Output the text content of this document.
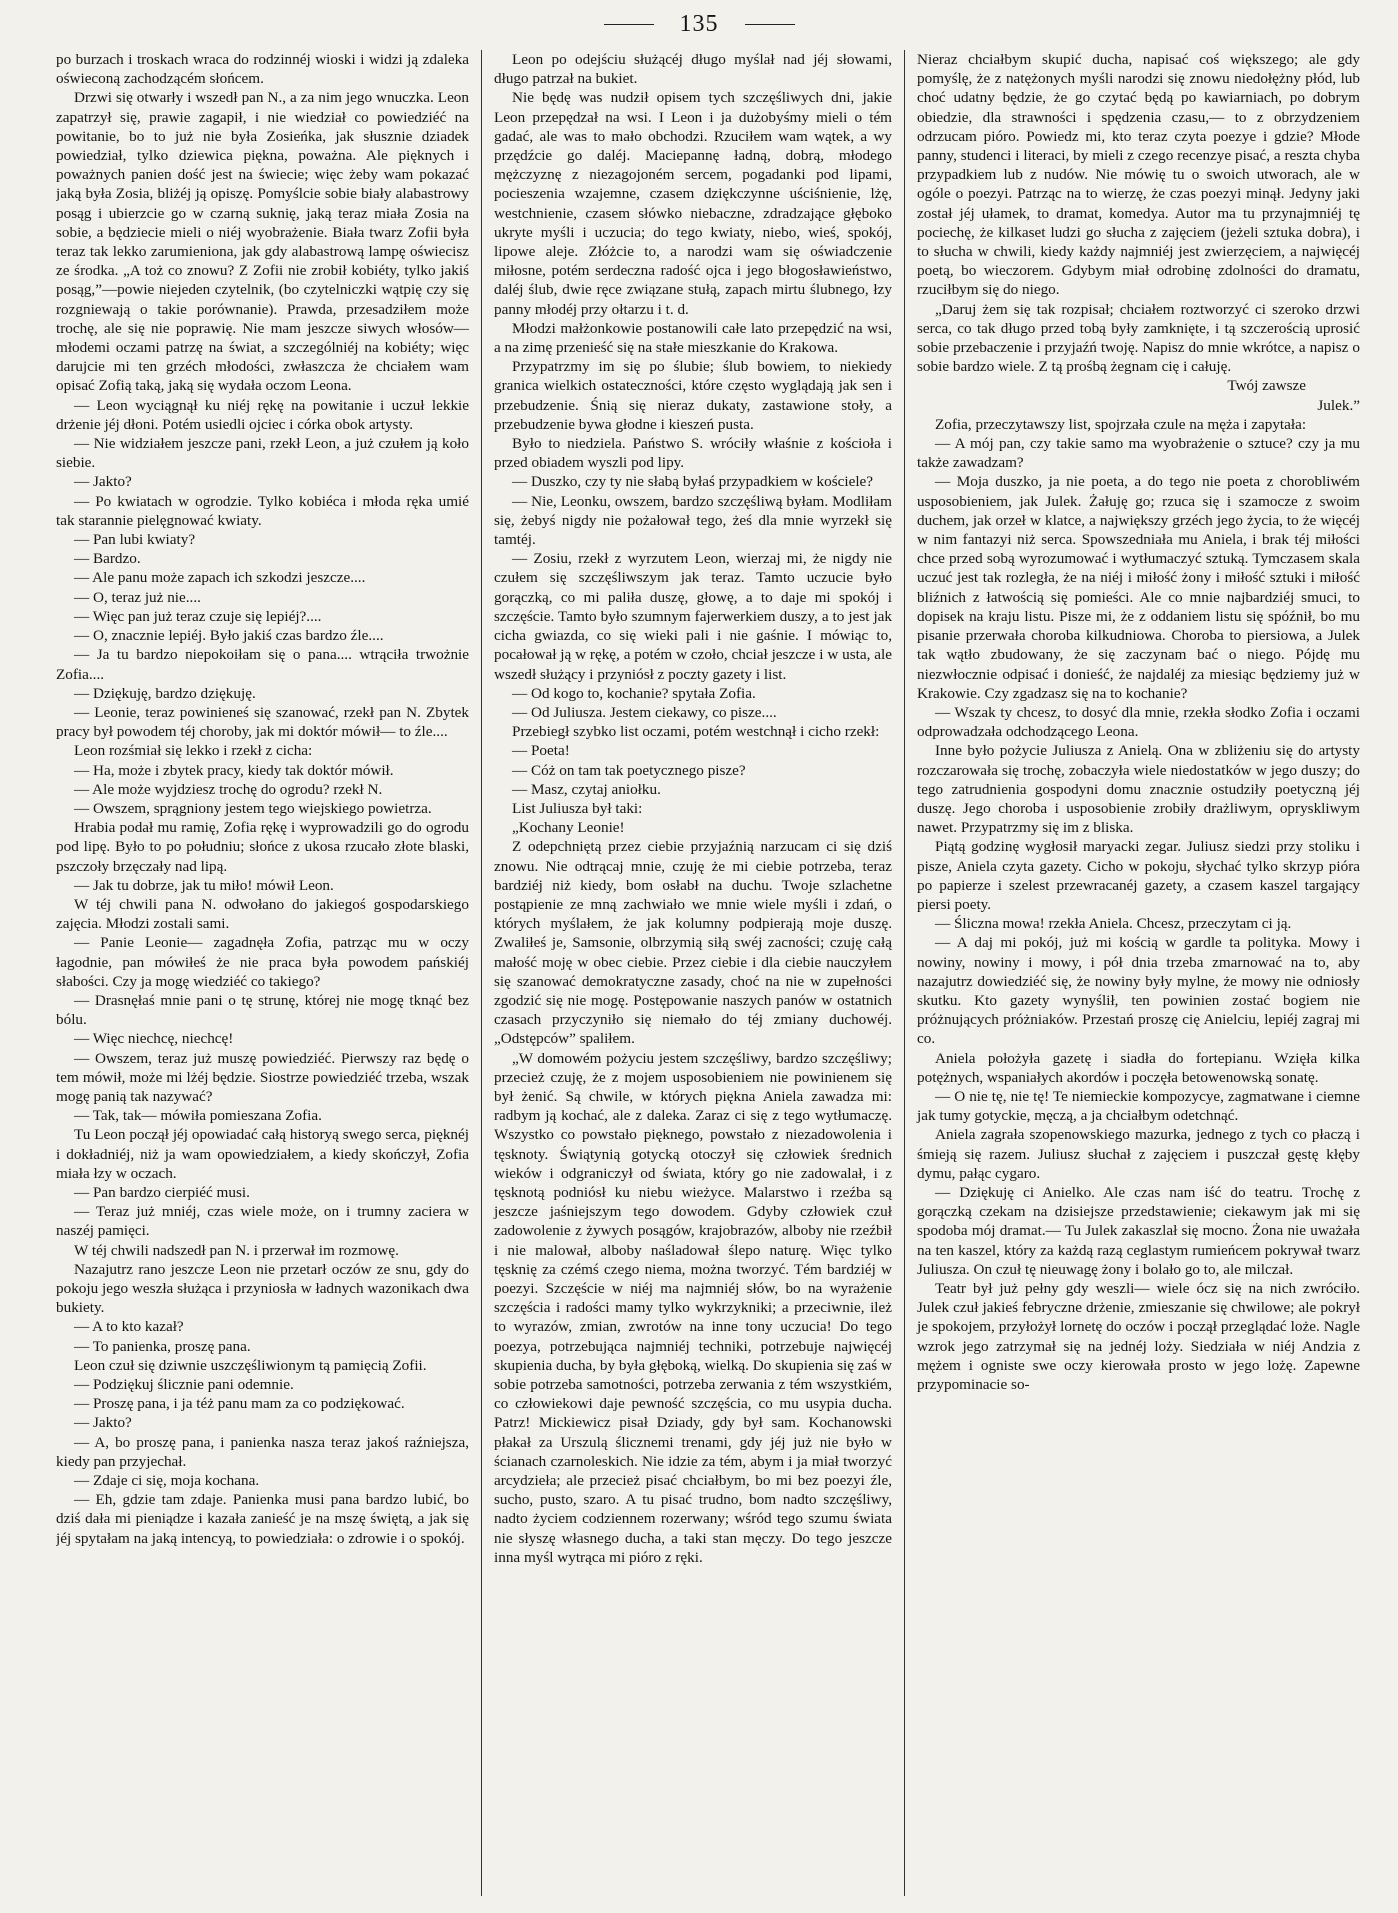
135

po burzach i troskach wraca do rodzinnéj wioski i widzi ją zdaleka oświeconą zachodzącém słońcem.

Drzwi się otwarły i wszedł pan N., a za nim jego wnuczka. Leon zapatrzył się, prawie zagapił, i nie wiedział co powiedziéć na powitanie, bo to już nie była Zosieńka, jak słusznie dziadek powiedział, tylko dziewica piękna, poważna. Ale pięknych i poważnych panien dość jest na świecie; więc żeby wam pokazać jaką była Zosia, bliżéj ją opiszę. Pomyślcie sobie biały alabastrowy posąg i ubierzcie go w czarną suknię, jaką teraz miała Zosia na sobie, a będziecie mieli o niéj wyobrażenie. Biała twarz Zofii była teraz tak lekko zarumieniona, jak gdy alabastrową lampę oświecisz ze środka. „A toż co znowu? Z Zofii nie zrobił kobiéty, tylko jakiś posąg,”—powie niejeden czytelnik, (bo czytelniczki wątpię czy się rozgniewają o takie porównanie). Prawda, przesadziłem może trochę, ale się nie poprawię. Nie mam jeszcze siwych włosów— młodemi oczami patrzę na świat, a szczególniéj na kobiéty; więc darujcie mi ten grzéch młodości, zwłaszcza że chciałem wam opisać Zofią taką, jaką się wydała oczom Leona.

— Leon wyciągnął ku niéj rękę na powitanie i uczuł lekkie drżenie jéj dłoni. Potém usiedli ojciec i córka obok artysty.

— Nie widziałem jeszcze pani, rzekł Leon, a już czułem ją koło siebie.

— Jakto?

— Po kwiatach w ogrodzie. Tylko kobiéca i młoda ręka umié tak starannie pielęgnować kwiaty.

— Pan lubi kwiaty?

— Bardzo.

— Ale panu może zapach ich szkodzi jeszcze....

— O, teraz już nie....

— Więc pan już teraz czuje się lepiéj?....

— O, znacznie lepiéj. Było jakiś czas bardzo źle....

— Ja tu bardzo niepokoiłam się o pana.... wtrąciła trwożnie Zofia....

— Dziękuję, bardzo dziękuję.

— Leonie, teraz powinieneś się szanować, rzekł pan N. Zbytek pracy był powodem téj choroby, jak mi doktór mówił— to źle....

Leon rozśmiał się lekko i rzekł z cicha:

— Ha, może i zbytek pracy, kiedy tak doktór mówił.

— Ale może wyjdziesz trochę do ogrodu? rzekł N.

— Owszem, sprągniony jestem tego wiejskiego powietrza.

Hrabia podał mu ramię, Zofia rękę i wyprowadzili go do ogrodu pod lipę. Było to po południu; słońce z ukosa rzucało złote blaski, pszczoły brzęczały nad lipą.

— Jak tu dobrze, jak tu miło! mówił Leon.

W téj chwili pana N. odwołano do jakiegoś gospodarskiego zajęcia. Młodzi zostali sami.

— Panie Leonie— zagadnęła Zofia, patrząc mu w oczy łagodnie, pan mówiłeś że nie praca była powodem pańskiéj słabości. Czy ja mogę wiedziéć co takiego?

— Drasnęłaś mnie pani o tę strunę, której nie mogę tknąć bez bólu.

— Więc niechcę, niechcę!

— Owszem, teraz już muszę powiedziéć. Pierwszy raz będę o tem mówił, może mi lżéj będzie. Siostrze powiedziéć trzeba, wszak mogę panią tak nazywać?

— Tak, tak— mówiła pomieszana Zofia.

Tu Leon począł jéj opowiadać całą historyą swego serca, pięknéj i dokładniéj, niż ja wam opowiedziałem, a kiedy skończył, Zofia miała łzy w oczach.

— Pan bardzo cierpiéć musi.

— Teraz już mniéj, czas wiele może, on i trumny zaciera w naszéj pamięci.

W téj chwili nadszedł pan N. i przerwał im rozmowę.

Nazajutrz rano jeszcze Leon nie przetarł oczów ze snu, gdy do pokoju jego weszła służąca i przyniosła w ładnych wazonikach dwa bukiety.

— A to kto kazał?

— To panienka, proszę pana.

Leon czuł się dziwnie uszczęśliwionym tą pamięcią Zofii.

— Podziękuj ślicznie pani odemnie.

— Proszę pana, i ja téż panu mam za co podziękować.

— Jakto?

— A, bo proszę pana, i panienka nasza teraz jakoś raźniejsza, kiedy pan przyjechał.

— Zdaje ci się, moja kochana.

— Eh, gdzie tam zdaje. Panienka musi pana bardzo lubić, bo dziś dała mi pieniądze i kazała zanieść je na mszę świętą, a jak się jéj spytałam na jaką intencyą, to powiedziała: o zdrowie i o spokój.

Leon po odejściu służącéj długo myślał nad jéj słowami, długo patrzał na bukiet.

Nie będę was nudził opisem tych szczęśliwych dni, jakie Leon przepędzał na wsi. I Leon i ja dużobyśmy mieli o tém gadać, ale was to mało obchodzi. Rzuciłem wam wątek, a wy przędźcie go daléj. Maciepannę ładną, dobrą, młodego mężczyznę z niezagojoném sercem, pogadanki pod lipami, pocieszenia wzajemne, czasem dziękczynne uściśnienie, lżę, westchnienie, czasem słówko niebaczne, zdradzające głęboko ukryte myśli i uczucia; do tego kwiaty, niebo, wieś, spokój, lipowe aleje. Złóżcie to, a narodzi wam się oświadczenie miłosne, potém serdeczna radość ojca i jego błogosławieństwo, daléj ślub, dwie ręce związane stułą, zapach mirtu ślubnego, łzy panny młodéj przy ołtarzu i t. d.

Młodzi małżonkowie postanowili całe lato przepędzić na wsi, a na zimę przenieść się na stałe mieszkanie do Krakowa.

Przypatrzmy im się po ślubie; ślub bowiem, to niekiedy granica wielkich ostateczności, które często wyglądają jak sen i przebudzenie. Śnią się nieraz dukaty, zastawione stoły, a przebudzenie bywa głodne i kieszeń pusta.

Było to niedziela. Państwo S. wróciły właśnie z kościoła i przed obiadem wyszli pod lipy.

— Duszko, czy ty nie słabą byłaś przypadkiem w kościele?

— Nie, Leonku, owszem, bardzo szczęśliwą byłam. Modliłam się, żebyś nigdy nie pożałował tego, żeś dla mnie wyrzekł się tamtéj.

— Zosiu, rzekł z wyrzutem Leon, wierzaj mi, że nigdy nie czułem się szczęśliwszym jak teraz. Tamto uczucie było gorączką, co mi paliła duszę, głowę, a to daje mi spokój i szczęście. Tamto było szumnym fajerwerkiem duszy, a to jest jak cicha gwiazda, co się wieki pali i nie gaśnie. I mówiąc to, pocałował ją w rękę, a potém w czoło, chciał jeszcze i w usta, ale wszedł służący i przyniósł z poczty gazety i list.

— Od kogo to, kochanie? spytała Zofia.

— Od Juliusza. Jestem ciekawy, co pisze....

Przebiegł szybko list oczami, potém westchnął i cicho rzekł:

— Poeta!

— Cóż on tam tak poetycznego pisze?

— Masz, czytaj aniołku.

List Juliusza był taki:

„Kochany Leonie!

Z odepchniętą przez ciebie przyjaźnią narzucam ci się dziś znowu. Nie odtrącaj mnie, czuję że mi ciebie potrzeba, teraz bardziéj niż kiedy, bom osłabł na duchu. Twoje szlachetne postąpienie ze mną zachwiało we mnie wiele myśli i zdań, o których myślałem, że jak kolumny podpierają moje duszę. Zwaliłeś je, Samsonie, olbrzymią siłą swéj zacności; czuję całą małość moję w obec ciebie. Przez ciebie i dla ciebie nauczyłem się szanować demokratyczne zasady, choć na nie w zupełności zgodzić się nie mogę. Postępowanie naszych panów w ostatnich czasach przyczyniło się niemało do téj zmiany duchowéj. „Odstępców” spaliłem.

„W domowém pożyciu jestem szczęśliwy, bardzo szczęśliwy; przecież czuję, że z mojem usposobieniem nie powinienem się był żenić. Są chwile, w których piękna Aniela zawadza mi: radbym ją kochać, ale z daleka. Zaraz ci się z tego wytłumaczę. Wszystko co powstało pięknego, powstało z niezadowolenia i tęsknoty. Świątynią gotycką otoczył się człowiek średnich wieków i odgraniczył od świata, który go nie zadowalał, i z tęsknotą podniósł ku niebu wieżyce. Malarstwo i rzeźba są jeszcze jaśniejszym tego dowodem. Gdyby człowiek czuł zadowolenie z żywych posągów, krajobrazów, alboby nie rzeźbił i nie malował, alboby naśladował ślepo naturę. Więc tylko tęsknię za czémś czego niema, można tworzyć. Tém bardziéj w poezyi. Szczęście w niéj ma najmniéj słów, bo na wyrażenie szczęścia i radości mamy tylko wykrzykniki; a przeciwnie, ileż to wyrazów, zmian, zwrotów na inne tony uczucia! Do tego poezya, potrzebująca najmniéj techniki, potrzebuje najwięcéj skupienia ducha, by była głęboką, wielką. Do skupienia się zaś w sobie potrzeba samotności, potrzeba zerwania z tém wszystkiém, co człowiekowi daje pewność szczęścia, co mu usypia ducha. Patrz! Mickiewicz pisał Dziady, gdy był sam. Kochanowski płakał za Urszulą ślicznemi trenami, gdy jéj już nie było w ścianach czarnoleskich. Nie idzie za tém, abym i ja miał tworzyć arcydzieła; ale przecież pisać chciałbym, bo mi bez poezyi źle, sucho, pusto, szaro. A tu pisać trudno, bom nadto szczęśliwy, nadto życiem codziennem rozerwany; wśród tego szumu świata nie słyszę własnego ducha, a taki stan męczy. Do tego jeszcze inna myśl wytrąca mi pióro z ręki.

Nieraz chciałbym skupić ducha, napisać coś większego; ale gdy pomyślę, że z natężonych myśli narodzi się znowu niedołężny płód, lub choć udatny będzie, że go czytać będą po kawiarniach, po dobrym obiedzie, dla strawności i spędzenia czasu,— to z obrzydzeniem odrzucam pióro. Powiedz mi, kto teraz czyta poezye i gdzie? Młode panny, studenci i literaci, by mieli z czego recenzye pisać, a reszta chyba przypadkiem lub z nudów. Nie mówię tu o swoich utworach, ale w ogóle o poezyi. Patrząc na to wierzę, że czas poezyi minął. Jedyny jaki został jéj ułamek, to dramat, komedya. Autor ma tu przynajmniéj tę pociechę, że kilkaset ludzi go słucha z zajęciem (jeżeli sztuka dobra), i to słucha w chwili, kiedy każdy najmniéj jest zwierzęciem, a najwięcéj poetą, bo wieczorem. Gdybym miał odrobinę zdolności do dramatu, rzuciłbym się do niego.

„Daruj żem się tak rozpisał; chciałem roztworzyć ci szeroko drzwi serca, co tak długo przed tobą były zamknięte, i tą szczerością uprosić sobie przebaczenie i przyjaźń twoję. Napisz do mnie wkrótce, a napisz o sobie bardzo wiele. Z tą prośbą żegnam cię i całuję.

Twój zawsze

Julek.”

Zofia, przeczytawszy list, spojrzała czule na męża i zapytała:

— A mój pan, czy takie samo ma wyobrażenie o sztuce? czy ja mu także zawadzam?

— Moja duszko, ja nie poeta, a do tego nie poeta z chorobliwém usposobieniem, jak Julek. Żałuję go; rzuca się i szamocze z swoim duchem, jak orzeł w klatce, a największy grzéch jego życia, to że więcéj w nim fantazyi niż serca. Spowszedniała mu Aniela, i brak téj miłości chce przed sobą wyrozumować i wytłumaczyć sztuką. Tymczasem skala uczuć jest tak rozległa, że na niéj i miłość żony i miłość sztuki i miłość bliźnich z łatwością się pomieści. Ale co mnie najbardziéj smuci, to dopisek na kraju listu. Pisze mi, że z oddaniem listu się spóźnił, bo mu pisanie przerwała choroba kilkudniowa. Choroba to piersiowa, a Julek tak wątło zbudowany, że się zaczynam bać o niego. Pójdę mu niezwłocznie odpisać i donieść, że najdaléj za miesiąc będziemy już w Krakowie. Czy zgadzasz się na to kochanie?

— Wszak ty chcesz, to dosyć dla mnie, rzekła słodko Zofia i oczami odprowadzała odchodzącego Leona.

Inne było pożycie Juliusza z Anielą. Ona w zbliżeniu się do artysty rozczarowała się trochę, zobaczyła wiele niedostatków w jego duszy; do tego zatrudnienia gospodyni domu znacznie ostudziły poetyczną jéj duszę. Jego choroba i usposobienie zrobiły drażliwym, opryskliwym nawet. Przypatrzmy się im z bliska.

Piątą godzinę wygłosił maryacki zegar. Juliusz siedzi przy stoliku i pisze, Aniela czyta gazety. Cicho w pokoju, słychać tylko skrzyp pióra po papierze i szelest przewracanéj gazety, a czasem kaszel targający piersi poety.

— Śliczna mowa! rzekła Aniela. Chcesz, przeczytam ci ją.

— A daj mi pokój, już mi kością w gardle ta polityka. Mowy i nowiny, nowiny i mowy, i pół dnia trzeba zmarnować na to, aby nazajutrz dowiedziéć się, że nowiny były mylne, że mowy nie odniosły skutku. Kto gazety wynyślił, ten powinien zostać bogiem nie próżnujących próżniaków. Przestań proszę cię Anielciu, lepiéj zagraj mi co.

Aniela położyła gazetę i siadła do fortepianu. Wzięła kilka potężnych, wspaniałych akordów i poczęła betowenowską sonatę.

— O nie tę, nie tę! Te niemieckie kompozycye, zagmatwane i ciemne jak tumy gotyckie, męczą, a ja chciałbym odetchnąć.

Aniela zagrała szopenowskiego mazurka, jednego z tych co płaczą i śmieją się razem. Juliusz słuchał z zajęciem i puszczał gęstę kłęby dymu, pałąc cygaro.

— Dziękuję ci Anielko. Ale czas nam iść do teatru. Trochę z gorączką czekam na dzisiejsze przedstawienie; ciekawym jak mi się spodoba mój dramat.— Tu Julek zakaszlał się mocno. Żona nie uważała na ten kaszel, który za każdą razą ceglastym rumieńcem pokrywał twarz Juliusza. On czuł tę nieuwagę żony i bolało go to, ale milczał.

Teatr był już pełny gdy weszli— wiele ócz się na nich zwróciło. Julek czuł jakieś febryczne drżenie, zmieszanie się chwilowe; ale pokrył je spokojem, przyłożył lornetę do oczów i począł przeglądać loże. Nagle wzrok jego zatrzymał się na jednéj loży. Siedziała w niéj Andzia z mężem i ogniste swe oczy kierowała prosto w jego lożę. Zapewne przypominacie so-
